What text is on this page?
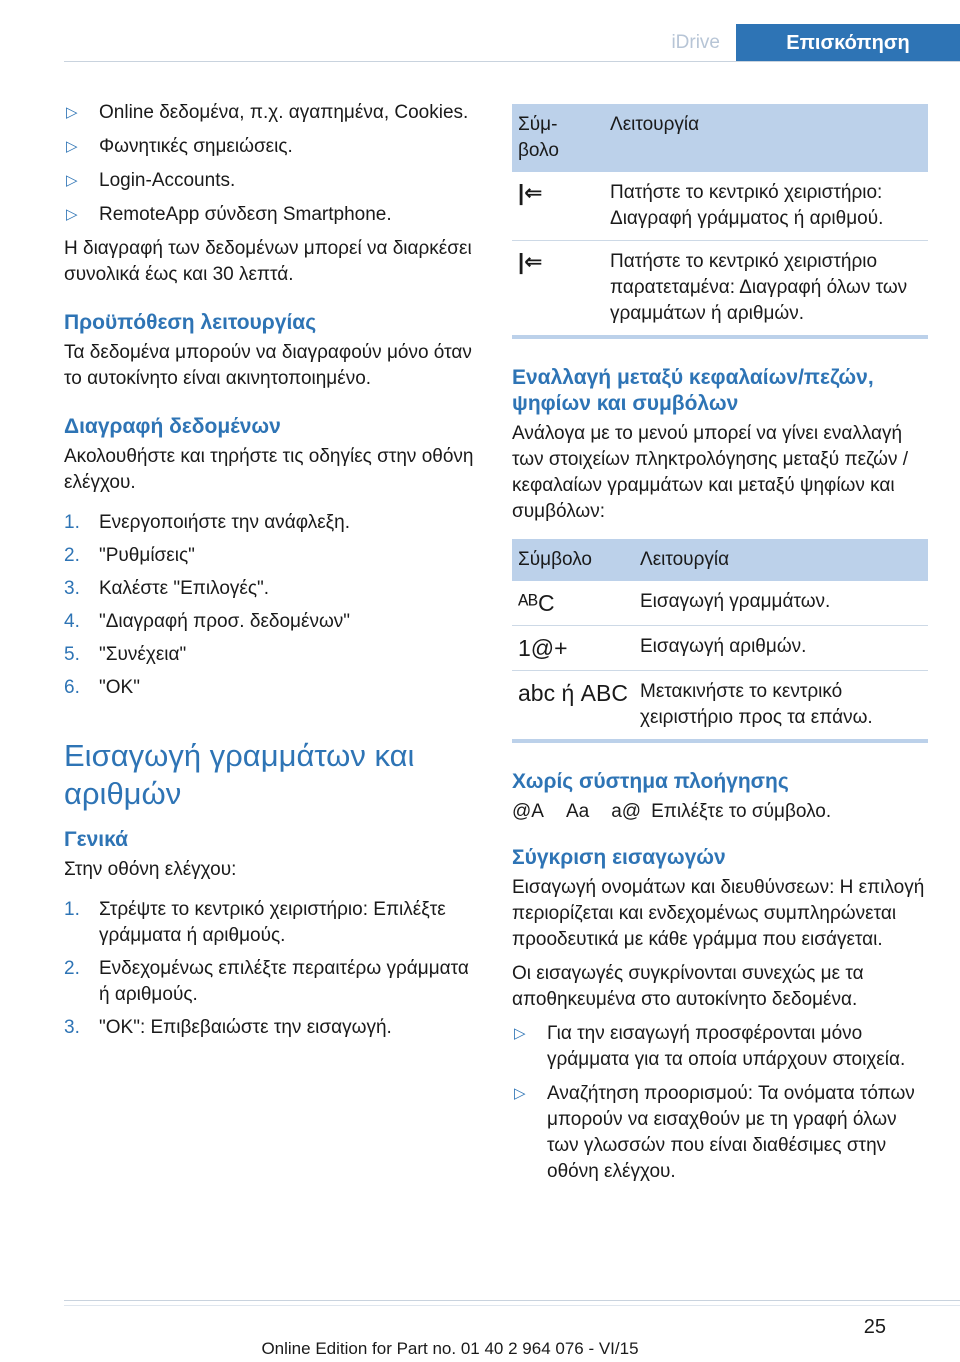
iDrive	Επισκόπηση
▷ Online δεδομένα, π.χ. αγαπημένα, Cookies.
▷ Φωνητικές σημειώσεις.
▷ Login-Accounts.
▷ RemoteApp σύνδεση Smartphone.

Η διαγραφή των δεδομένων μπορεί να διαρκέσει συνολικά έως και 30 λεπτά.

Προϋπόθεση λειτουργίας

Τα δεδομένα μπορούν να διαγραφούν μόνο όταν το αυτοκίνητο είναι ακινητοποιημένο.

Διαγραφή δεδομένων

Ακολουθήστε και τηρήστε τις οδηγίες στην οθόνη ελέγχου.

1. Ενεργοποιήστε την ανάφλεξη.
2. "Ρυθμίσεις"
3. Καλέστε "Επιλογές".
4. "Διαγραφή προσ. δεδομένων"
5. "Συνέχεια"
6. "OK"
Εισαγωγή γραμμάτων και αριθμών
Γενικά

Στην οθόνη ελέγχου:

1. Στρέψτε το κεντρικό χειριστήριο: Επιλέξτε γράμματα ή αριθμούς.
2. Ενδεχομένως επιλέξτε περαιτέρω γράμματα ή αριθμούς.
3. "OK": Επιβεβαιώστε την εισαγωγή.
Σύμ-βολο	Λειτουργία
|⇐	Πατήστε το κεντρικό χειριστήριο: Διαγραφή γράμματος ή αριθμού.
|⇐	Πατήστε το κεντρικό χειριστήριο παρατεταμένα: Διαγραφή όλων των γραμμάτων ή αριθμών.
Εναλλαγή μεταξύ κεφαλαίων/πεζών, ψηφίων και συμβόλων

Ανάλογα με το μενού μπορεί να γίνει εναλλαγή των στοιχείων πληκτρολόγησης μεταξύ πεζών / κεφαλαίων γραμμάτων και μεταξύ ψηφίων και συμβόλων:

Σύμβολο	Λειτουργία
ᴬᴮC	Εισαγωγή γραμμάτων.
1@+	Εισαγωγή αριθμών.
abc ή ABC	Μετακινήστε το κεντρικό χειριστήριο προς τα επάνω.
Χωρίς σύστημα πλοήγησης
@A Aa a@ Επιλέξτε το σύμβολο.
Σύγκριση εισαγωγών

Εισαγωγή ονομάτων και διευθύνσεων: Η επιλογή περιορίζεται και ενδεχομένως συμπληρώνεται προοδευτικά με κάθε γράμμα που εισάγεται.

Οι εισαγωγές συγκρίνονται συνεχώς με τα αποθηκευμένα στο αυτοκίνητο δεδομένα.

▷ Για την εισαγωγή προσφέρονται μόνο γράμματα για τα οποία υπάρχουν στοιχεία.
▷ Αναζήτηση προορισμού: Τα ονόματα τόπων μπορούν να εισαχθούν με τη γραφή όλων των γλωσσών που είναι διαθέσιμες στην οθόνη ελέγχου.
25
Online Edition for Part no. 01 40 2 964 076 - VI/15
